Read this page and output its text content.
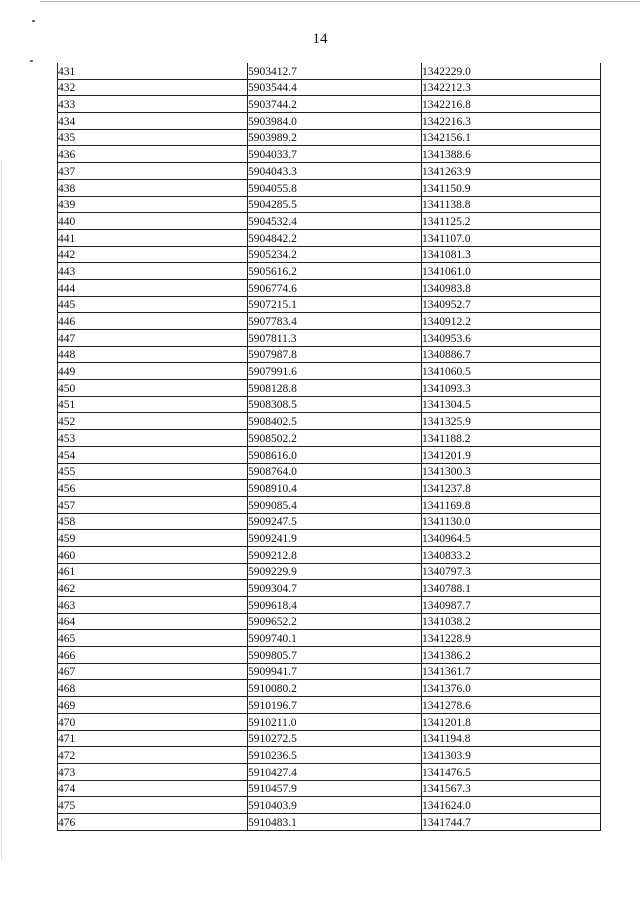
14
431	5903412.7	1342229.0
432	5903544.4	1342212.3
433	5903744.2	1342216.8
434	5903984.0	1342216.3
435	5903989.2	1342156.1
436	5904033.7	1341388.6
437	5904043.3	1341263.9
438	5904055.8	1341150.9
439	5904285.5	1341138.8
440	5904532.4	1341125.2
441	5904842.2	1341107.0
442	5905234.2	1341081.3
443	5905616.2	1341061.0
444	5906774.6	1340983.8
445	5907215.1	1340952.7
446	5907783.4	1340912.2
447	5907811.3	1340953.6
448	5907987.8	1340886.7
449	5907991.6	1341060.5
450	5908128.8	1341093.3
451	5908308.5	1341304.5
452	5908402.5	1341325.9
453	5908502.2	1341188.2
454	5908616.0	1341201.9
455	5908764.0	1341300.3
456	5908910.4	1341237.8
457	5909085.4	1341169.8
458	5909247.5	1341130.0
459	5909241.9	1340964.5
460	5909212.8	1340833.2
461	5909229.9	1340797.3
462	5909304.7	1340788.1
463	5909618.4	1340987.7
464	5909652.2	1341038.2
465	5909740.1	1341228.9
466	5909805.7	1341386.2
467	5909941.7	1341361.7
468	5910080.2	1341376.0
469	5910196.7	1341278.6
470	5910211.0	1341201.8
471	5910272.5	1341194.8
472	5910236.5	1341303.9
473	5910427.4	1341476.5
474	5910457.9	1341567.3
475	5910403.9	1341624.0
476	5910483.1	1341744.7
